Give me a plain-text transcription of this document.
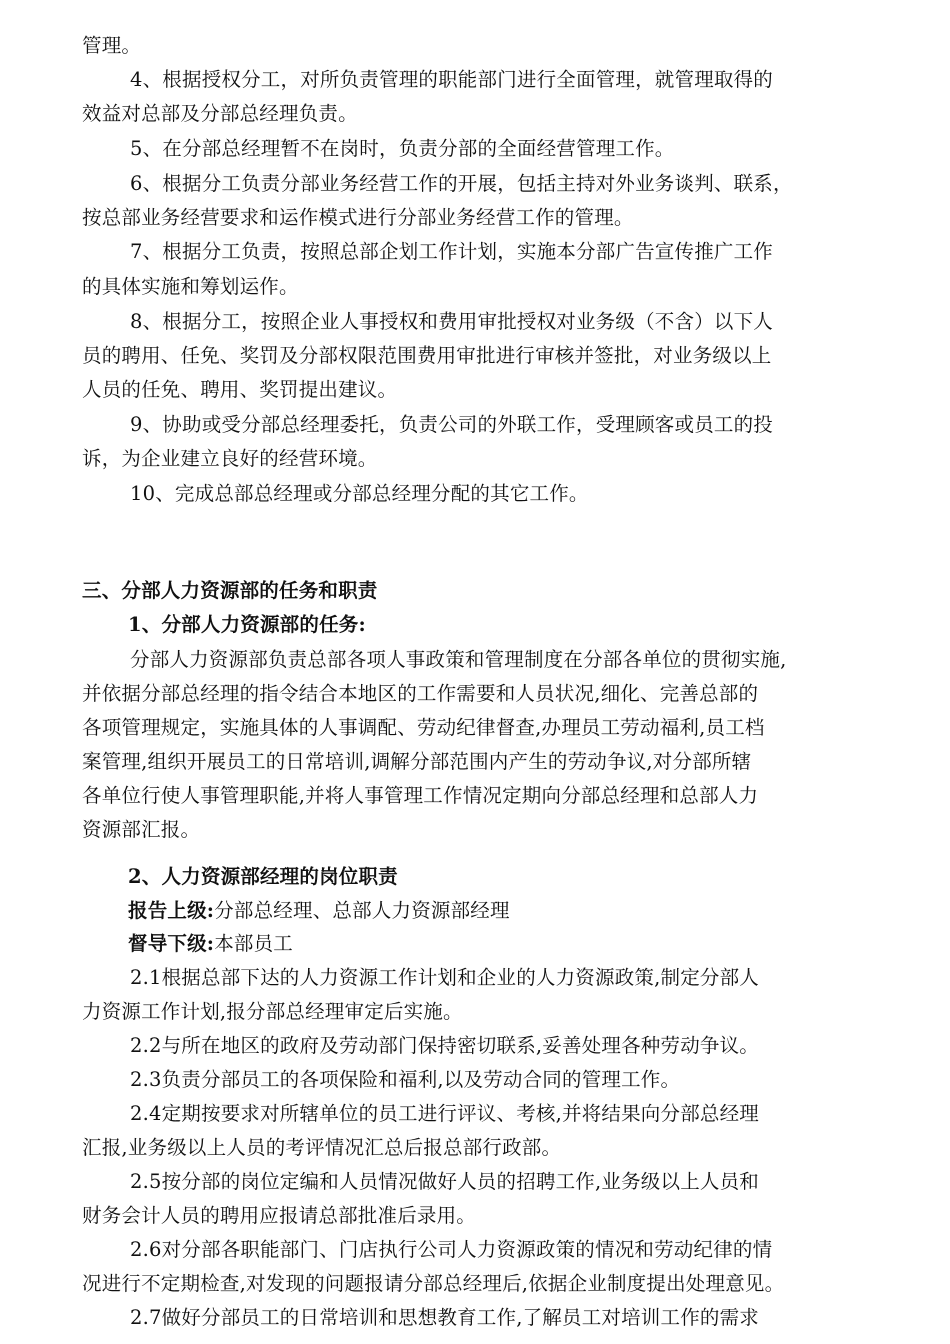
管理。
4、根据授权分工，对所负责管理的职能部门进行全面管理，就管理取得的
效益对总部及分部总经理负责。
5、在分部总经理暂不在岗时，负责分部的全面经营管理工作。
6、根据分工负责分部业务经营工作的开展，包括主持对外业务谈判、联系，
按总部业务经营要求和运作模式进行分部业务经营工作的管理。
7、根据分工负责，按照总部企划工作计划，实施本分部广告宣传推广工作
的具体实施和筹划运作。
8、根据分工，按照企业人事授权和费用审批授权对业务级（不含）以下人
员的聘用、任免、奖罚及分部权限范围费用审批进行审核并签批，对业务级以上
人员的任免、聘用、奖罚提出建议。
9、协助或受分部总经理委托，负责公司的外联工作，受理顾客或员工的投
诉，为企业建立良好的经营环境。
10、完成总部总经理或分部总经理分配的其它工作。
三、分部人力资源部的任务和职责
1、分部人力资源部的任务:
分部人力资源部负责总部各项人事政策和管理制度在分部各单位的贯彻实施,
并依据分部总经理的指令结合本地区的工作需要和人员状况,细化、完善总部的
各项管理规定，实施具体的人事调配、劳动纪律督查,办理员工劳动福利,员工档
案管理,组织开展员工的日常培训,调解分部范围内产生的劳动争议,对分部所辖
各单位行使人事管理职能,并将人事管理工作情况定期向分部总经理和总部人力
资源部汇报。
2、人力资源部经理的岗位职责
报告上级:分部总经理、总部人力资源部经理
督导下级:本部员工
2.1根据总部下达的人力资源工作计划和企业的人力资源政策,制定分部人
力资源工作计划,报分部总经理审定后实施。
2.2与所在地区的政府及劳动部门保持密切联系,妥善处理各种劳动争议。
2.3负责分部员工的各项保险和福利,以及劳动合同的管理工作。
2.4定期按要求对所辖单位的员工进行评议、考核,并将结果向分部总经理
汇报,业务级以上人员的考评情况汇总后报总部行政部。
2.5按分部的岗位定编和人员情况做好人员的招聘工作,业务级以上人员和
财务会计人员的聘用应报请总部批准后录用。
2.6对分部各职能部门、门店执行公司人力资源政策的情况和劳动纪律的情
况进行不定期检查,对发现的问题报请分部总经理后,依据企业制度提出处理意见。
2.7做好分部员工的日常培训和思想教育工作,了解员工对培训工作的需求
